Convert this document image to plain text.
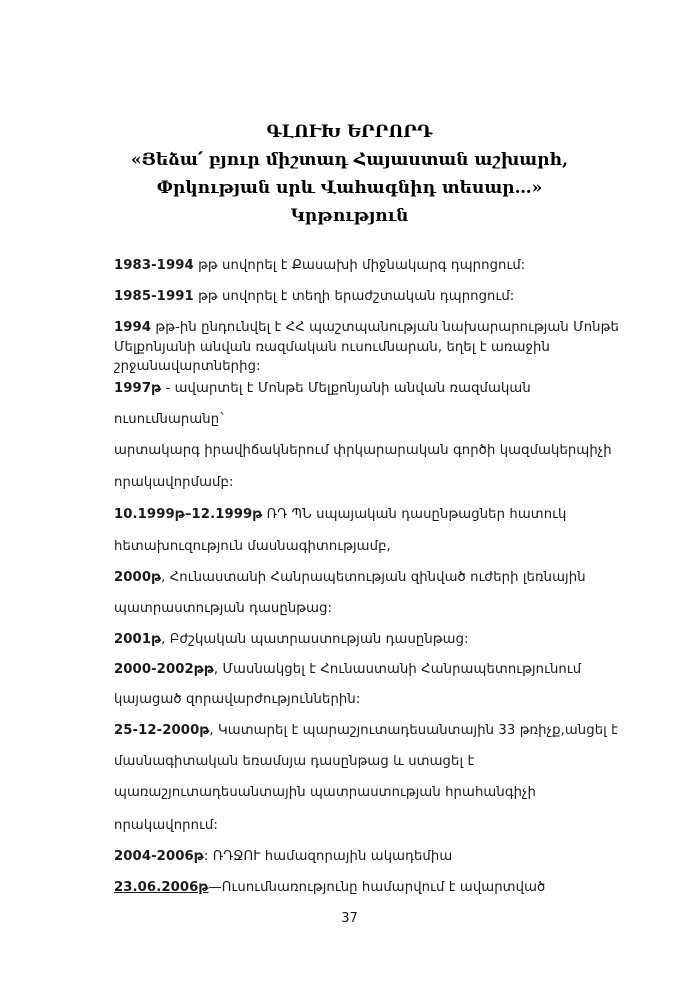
ԳԼՈՒԽ ԵՐՐՈՐԴ
«Յեձա՛ բյուր միշտադ Հայաստան աշխարհ,
Փրկության սրև Վահագնիդ տեսար…»
Կրթություն
1983-1994 թթ սովորել է Քասախի միջնակարգ դպրոցում:
1985-1991 թթ սովորել է տեղի երաժշտական դպրոցում:
1994 թթ-ին ընդունվել է ՀՀ պաշտպանության նախարարության Մոնթե
Մելքոնյանի անվան ռազմական ուսումնարան, եղել է առաջին
շրջանավարտներից:
1997թ - ավարտել է Մոնթե Մելքոնյանի անվան ռազմական
ուսումնարանը`
արտակարգ իրավիճակներում փրկարարական գործի կազմակերպիչի
որակավորմամբ:
10.1999թ–12.1999թ ՌԴ ՊՆ սպայական դասընթացներ հատուկ
հետախուզություն մասնագիտությամբ,
2000թ, Հունաստանի Հանրապետության զինված ուժերի լեռնային
պատրաստության դասընթաց:
2001թ, Բժշկական պատրաստության դասընթաց:
2000-2002թթ, Մասնակցել է Հունաստանի Հանրապետությունում
կայացած զորավարժություններին:
25-12-2000թ, Կատարել է պարաշյուտադեսանտային 33 թռիչք,անցել է
մասնագիտական եռամսյա դասընթաց և ստացել է
պառաշյուտադեսանտային պատրաստության հրահանգիչի
որակավորում:
2004-2006թ: ՌԴՋՈՒ համազորային ակադեմիա
23.06.2006թ—Ուսումնառությունը համարվում է ավարտված
37
